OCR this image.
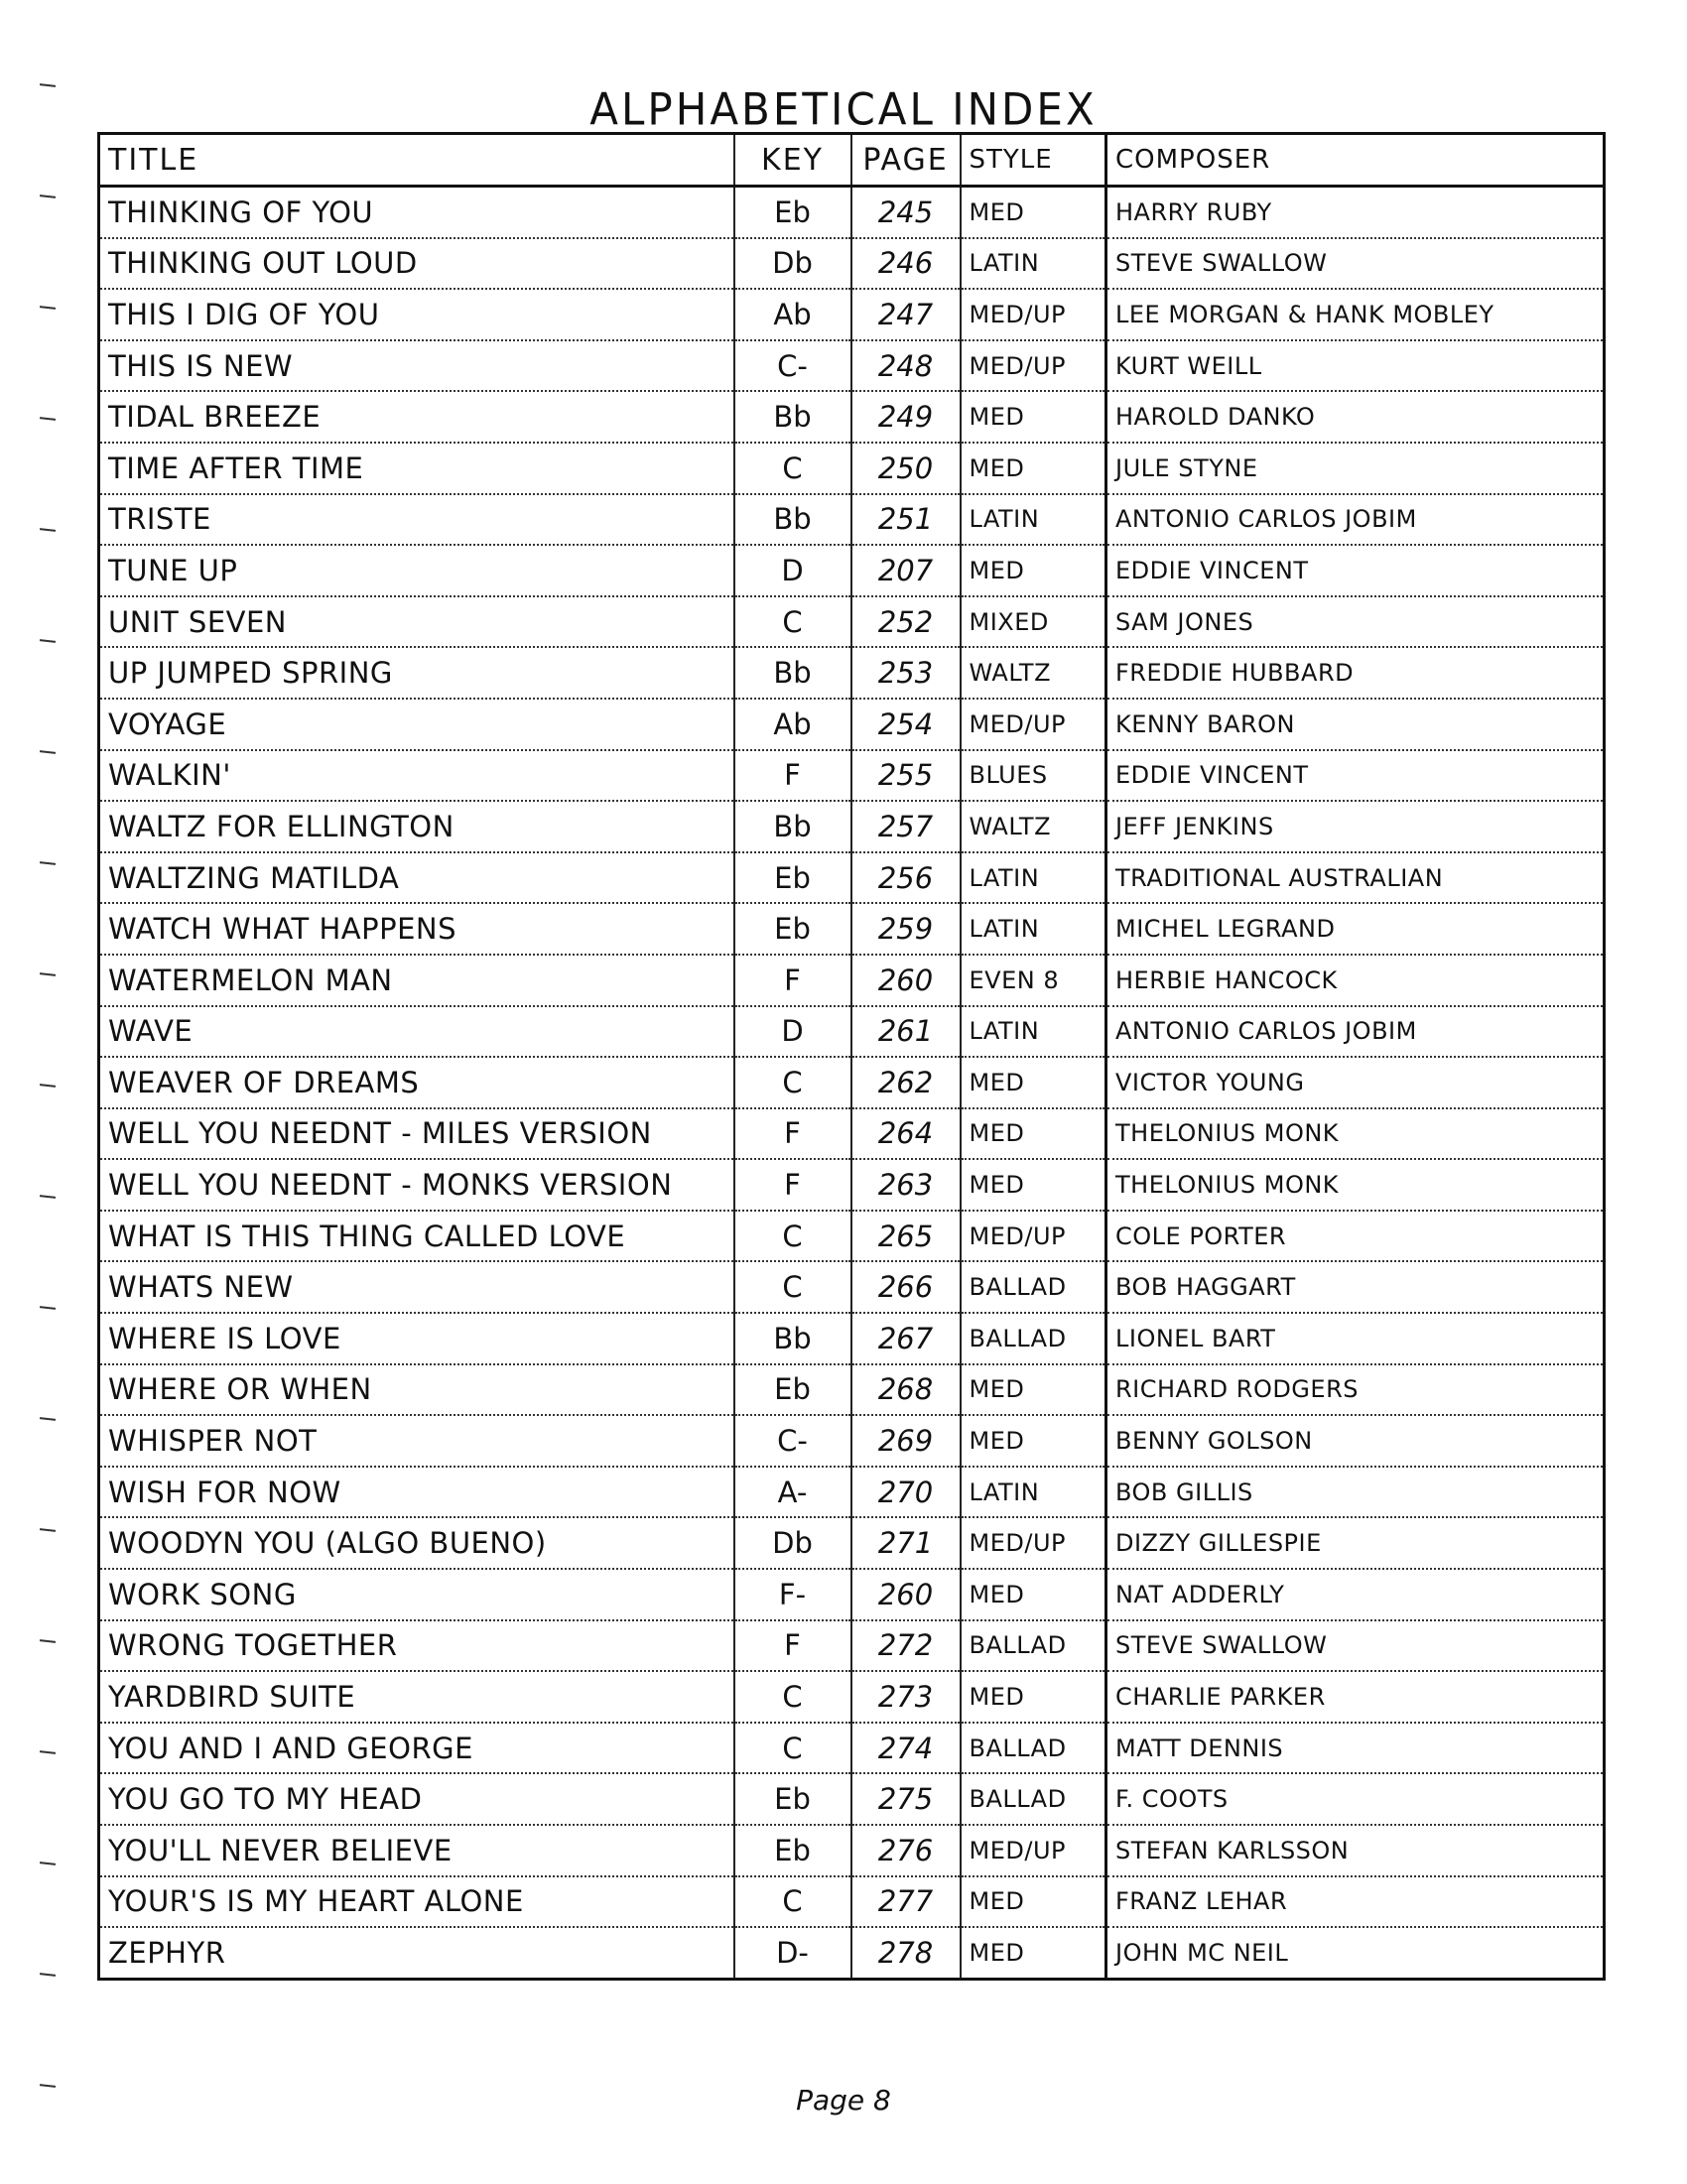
ALPHABETICAL INDEX
TITLE	KEY	PAGE	STYLE	COMPOSER
THINKING OF YOU	Eb	245	MED	HARRY RUBY
THINKING OUT LOUD	Db	246	LATIN	STEVE SWALLOW
THIS I DIG OF YOU	Ab	247	MED/UP	LEE MORGAN & HANK MOBLEY
THIS IS NEW	C-	248	MED/UP	KURT WEILL
TIDAL BREEZE	Bb	249	MED	HAROLD DANKO
TIME AFTER TIME	C	250	MED	JULE STYNE
TRISTE	Bb	251	LATIN	ANTONIO CARLOS JOBIM
TUNE UP	D	207	MED	EDDIE VINCENT
UNIT SEVEN	C	252	MIXED	SAM JONES
UP JUMPED SPRING	Bb	253	WALTZ	FREDDIE HUBBARD
VOYAGE	Ab	254	MED/UP	KENNY BARON
WALKIN'	F	255	BLUES	EDDIE VINCENT
WALTZ FOR ELLINGTON	Bb	257	WALTZ	JEFF JENKINS
WALTZING MATILDA	Eb	256	LATIN	TRADITIONAL AUSTRALIAN
WATCH WHAT HAPPENS	Eb	259	LATIN	MICHEL LEGRAND
WATERMELON MAN	F	260	EVEN 8	HERBIE HANCOCK
WAVE	D	261	LATIN	ANTONIO CARLOS JOBIM
WEAVER OF DREAMS	C	262	MED	VICTOR YOUNG
WELL YOU NEEDNT - MILES VERSION	F	264	MED	THELONIUS MONK
WELL YOU NEEDNT - MONKS VERSION	F	263	MED	THELONIUS MONK
WHAT IS THIS THING CALLED LOVE	C	265	MED/UP	COLE PORTER
WHATS NEW	C	266	BALLAD	BOB HAGGART
WHERE IS LOVE	Bb	267	BALLAD	LIONEL BART
WHERE OR WHEN	Eb	268	MED	RICHARD RODGERS
WHISPER NOT	C-	269	MED	BENNY GOLSON
WISH FOR NOW	A-	270	LATIN	BOB GILLIS
WOODYN YOU (ALGO BUENO)	Db	271	MED/UP	DIZZY GILLESPIE
WORK SONG	F-	260	MED	NAT ADDERLY
WRONG TOGETHER	F	272	BALLAD	STEVE SWALLOW
YARDBIRD SUITE	C	273	MED	CHARLIE PARKER
YOU AND I AND GEORGE	C	274	BALLAD	MATT DENNIS
YOU GO TO MY HEAD	Eb	275	BALLAD	F. COOTS
YOU'LL NEVER BELIEVE	Eb	276	MED/UP	STEFAN KARLSSON
YOUR'S IS MY HEART ALONE	C	277	MED	FRANZ LEHAR
ZEPHYR	D-	278	MED	JOHN MC NEIL
Page 8
